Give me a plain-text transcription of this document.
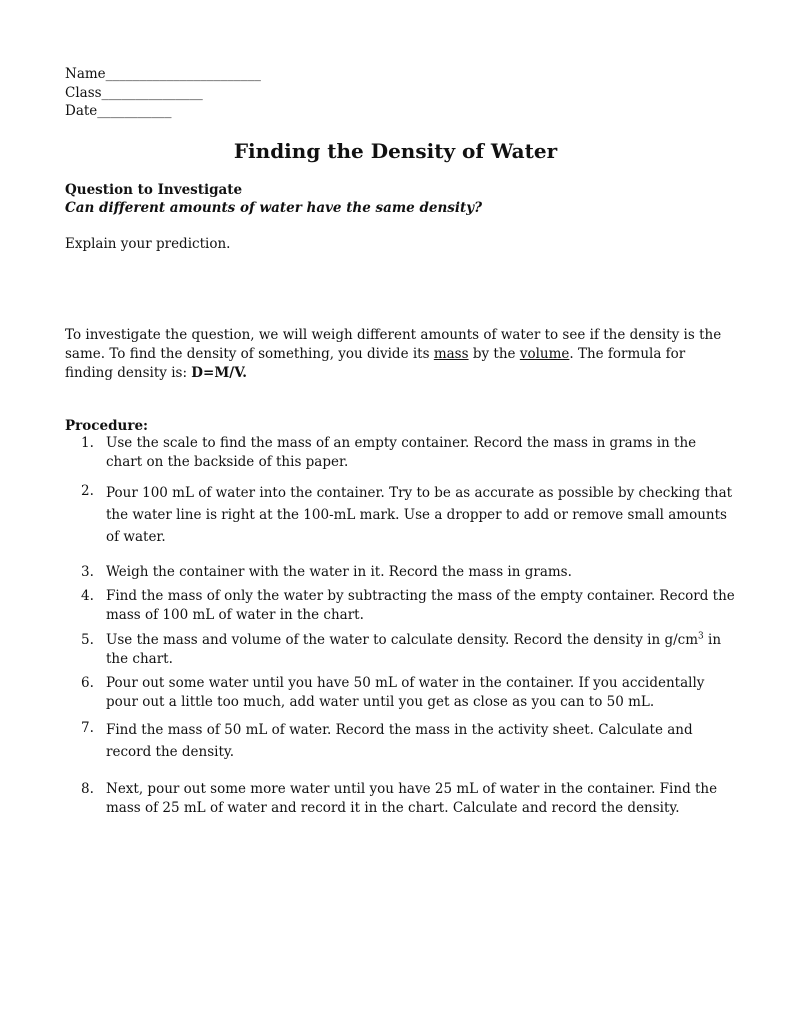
Name_______________________
Class_______________
Date___________
Finding the Density of Water
Question to Investigate
Can different amounts of water have the same density?
Explain your prediction.
To investigate the question, we will weigh different amounts of water to see if the density is the same. To find the density of something, you divide its mass by the volume. The formula for finding density is: D=M/V.
Procedure:
1. Use the scale to find the mass of an empty container. Record the mass in grams in the chart on the backside of this paper.
2. Pour 100 mL of water into the container. Try to be as accurate as possible by checking that the water line is right at the 100-mL mark. Use a dropper to add or remove small amounts of water.
3. Weigh the container with the water in it. Record the mass in grams.
4. Find the mass of only the water by subtracting the mass of the empty container. Record the mass of 100 mL of water in the chart.
5. Use the mass and volume of the water to calculate density. Record the density in $g/cm^3$ in the chart.
6. Pour out some water until you have 50 mL of water in the container. If you accidentally pour out a little too much, add water until you get as close as you can to 50 mL.
7. Find the mass of 50 mL of water. Record the mass in the activity sheet. Calculate and record the density.
8. Next, pour out some more water until you have 25 mL of water in the container. Find the mass of 25 mL of water and record it in the chart. Calculate and record the density.
